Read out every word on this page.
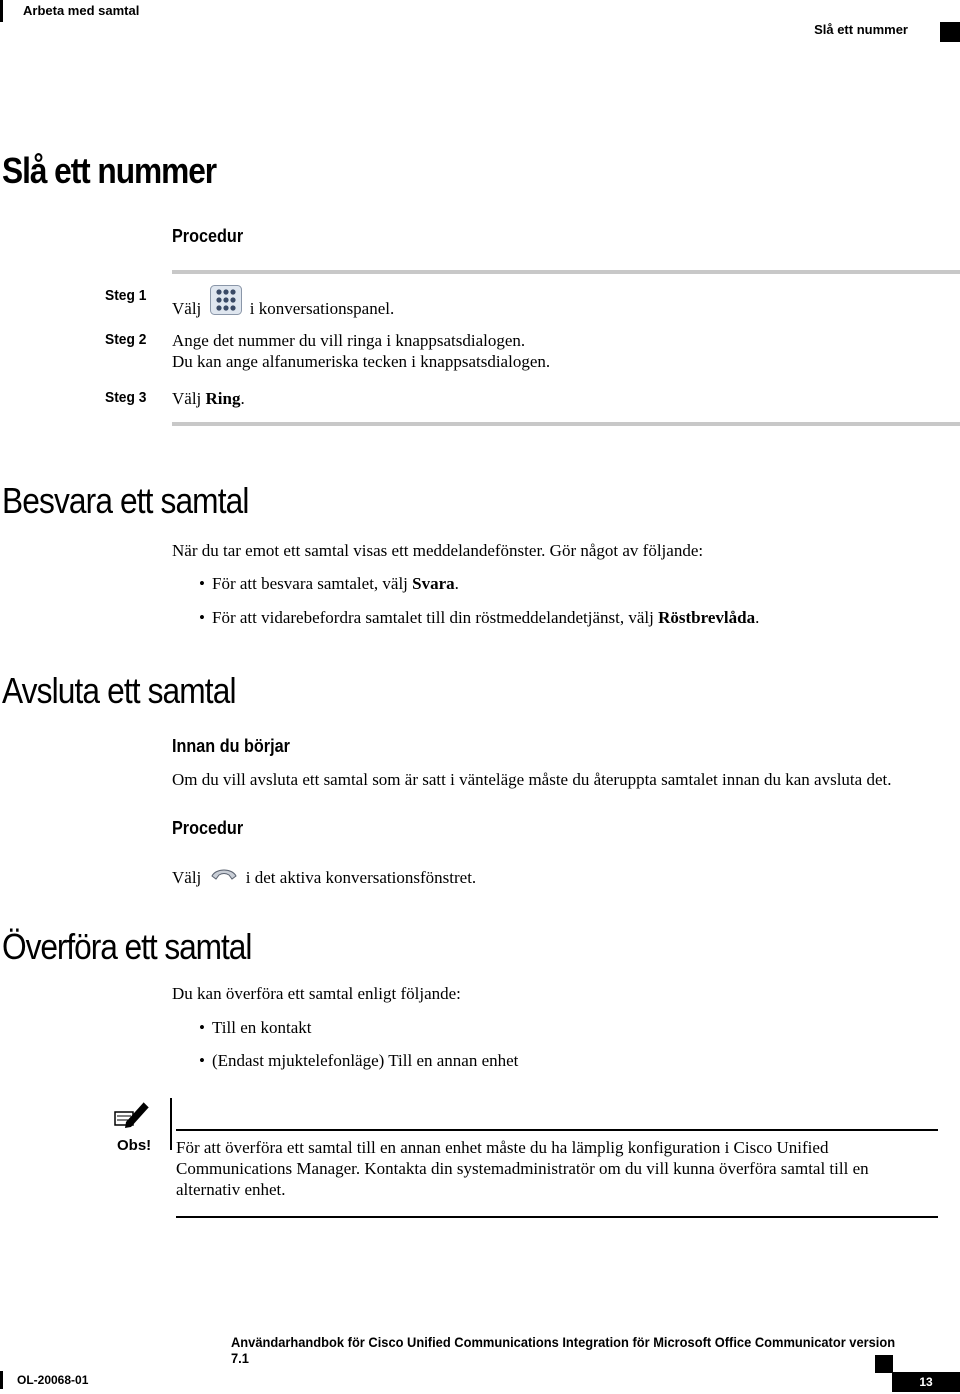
Arbeta med samtal
Slå ett nummer
Slå ett nummer
Procedur
Steg 1
Välj	i konversationspanel.
Steg 2 Ange det nummer du vill ringa i knappsatsdialogen.
Du kan ange alfanumeriska tecken i knappsatsdialogen.
Steg 3 Välj Ring.
Besvara ett samtal
När du tar emot ett samtal visas ett meddelandefönster. Gör något av följande:
• För att besvara samtalet, välj Svara.
• För att vidarebefordra samtalet till din röstmeddelandetjänst, välj Röstbrevlåda.
Avsluta ett samtal
Innan du börjar
Om du vill avsluta ett samtal som är satt i vänteläge måste du återuppta samtalet innan du kan avsluta det.
Procedur
Välj	i det aktiva konversationsfönstret.
Överföra ett samtal
Du kan överföra ett samtal enligt följande:
• Till en kontakt
• (Endast mjuktelefonläge) Till en annan enhet
Obs! För att överföra ett samtal till en annan enhet måste du ha lämplig konfiguration i Cisco Unified Communications Manager. Kontakta din systemadministratör om du vill kunna överföra samtal till en alternativ enhet.
Användarhandbok för Cisco Unified Communications Integration för Microsoft Office Communicator version 7.1
OL-20068-01	13
